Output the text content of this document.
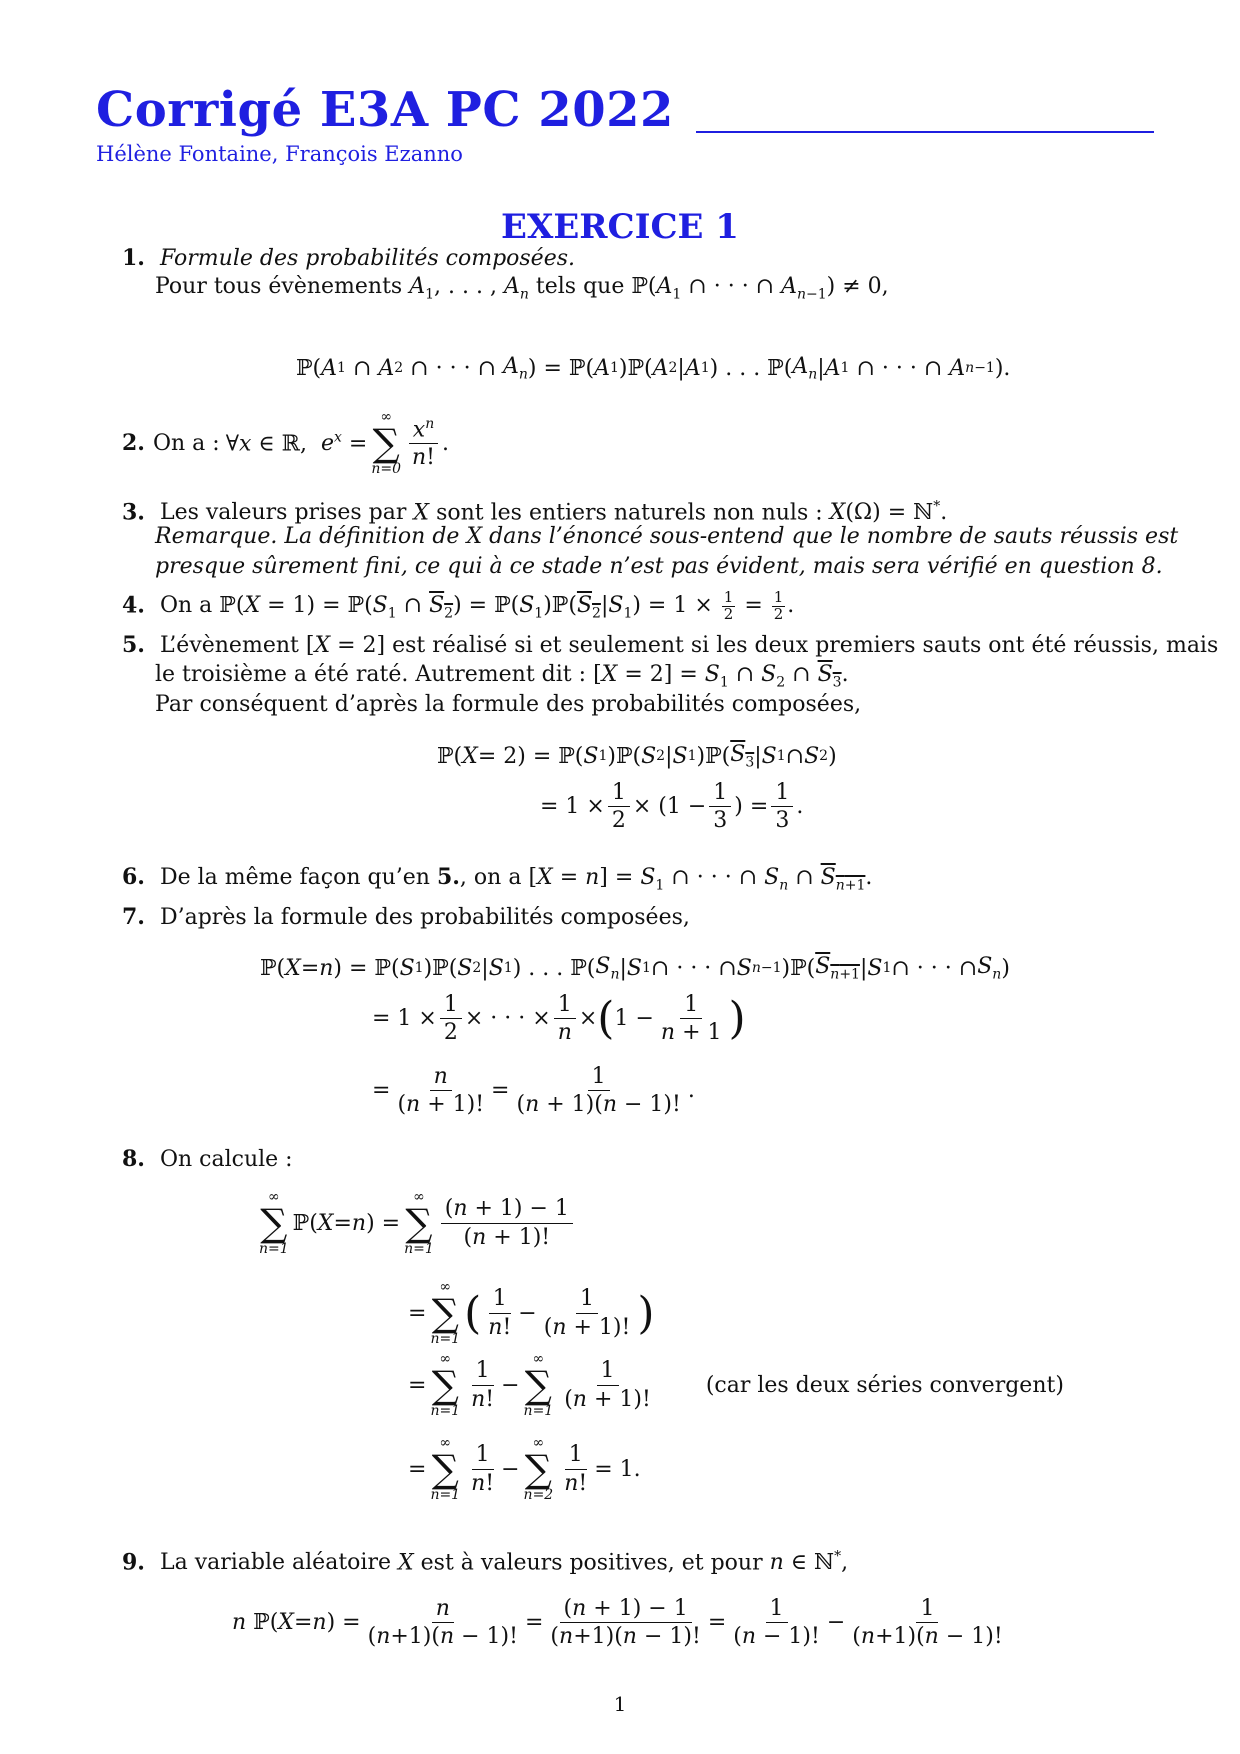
Corrigé E3A PC 2022
Hélène Fontaine, François Ezanno
EXERCICE 1
1. Formule des probabilités composées.
Pour tous évènements $A_1$, . . . , $A_n$ tels que $ℙ(A_1$ ∩ · · · ∩ $A_{n-1}) \ne 0$,
ℙ( A 1 ∩ A 2 ∩ · · · ∩ $A_n$ ) = ℙ( A 1 )ℙ( A 2 | A 1 ) . . . ℙ( $A_n$ | A 1 ∩ · · · ∩ A n−1 ).
2. On a : ∀x ∈ ℝ,  $e^x$ =
∞
∑
$n=0 \frac{x^n}{n!}$ .
3. Les valeurs prises par X sont les entiers naturels non nuls : X(Ω) = ℕ*.
Remarque. La définition de X dans l’énoncé sous-entend que le nombre de sauts réussis est
presque sûrement fini, ce qui à ce stade n’est pas évident, mais sera vérifié en question 8.
4. On a ℙ(X = $1) = ℙ(S_1$ ∩ $S_2$) = $ℙ(S_1)ℙ(S_2|S_1) = 1 \times \frac{1}{2} = \frac{1}{2}$ .
5. L’évènement [X = 2] est réalisé si et seulement si les deux premiers sauts ont été réussis, mais
le troisième a été raté. Autrement dit : $[X = 2] = S_1$ ∩ $S_2$ ∩ $S_3$.
Par conséquent d’après la formule des probabilités composées,
ℙ( X = 2) = ℙ( S 1 )ℙ( S 2 | S 1 )ℙ( $S_3$ | S 1 ∩ S 2 )
= $1 \times \frac{1}{2} \times (1 - \frac{1}{3}$ ) = $\frac{1}{3}$ .
6. De la même façon qu’en 5., on a $[X = n] = S_1$ ∩ · · · ∩ $S_n$ ∩ $S_{n+1}$.
7. D’après la formule des probabilités composées,
ℙ( X = n ) = ℙ( S 1 )ℙ( S 2 | S 1 ) . . . ℙ( $S_n$ | S 1 ∩ · · · ∩ S n−1 )ℙ( $S_{n+1}$ | S 1 ∩ · · · ∩ $S_n$ )
= $1 \times \frac{1}{2}$ × · · · × $\frac{1}{n}$ × ( $1 - \frac{1}{n + 1}$ )
= $\frac{n}{(n + 1)!} = \frac{1}{(n + 1)(n - 1)!}$ .
8. On calcule :
∞
∑
n=1
ℙ( X = n ) =
∞
∑
$n=1 \frac{(n + 1) - 1}{(n + 1)!}$
=
∞
∑
n=1
( $\frac{1}{n!} - \frac{1}{(n + 1)!}$ )
=
∞
∑
$n=1 \frac{1}{n!}$ −
∞
∑
$n=1 \frac{1}{(n + 1)!} (car$ les deux séries convergent)
=
∞
∑
$n=1 \frac{1}{n!}$ −
∞
∑
$n=2 \frac{1}{n!} = 1$.
9. La variable aléatoire X est à valeurs positives, et pour n ∈ ℕ*,
n ℙ( X = n ) = $\frac{n}{(n+1)(n - 1)!} = \frac{(n + 1) - 1}{(n+1)(n - 1)!} = \frac{1}{(n - 1)!} - \frac{1}{(n+1)(n - 1)!}$
1
